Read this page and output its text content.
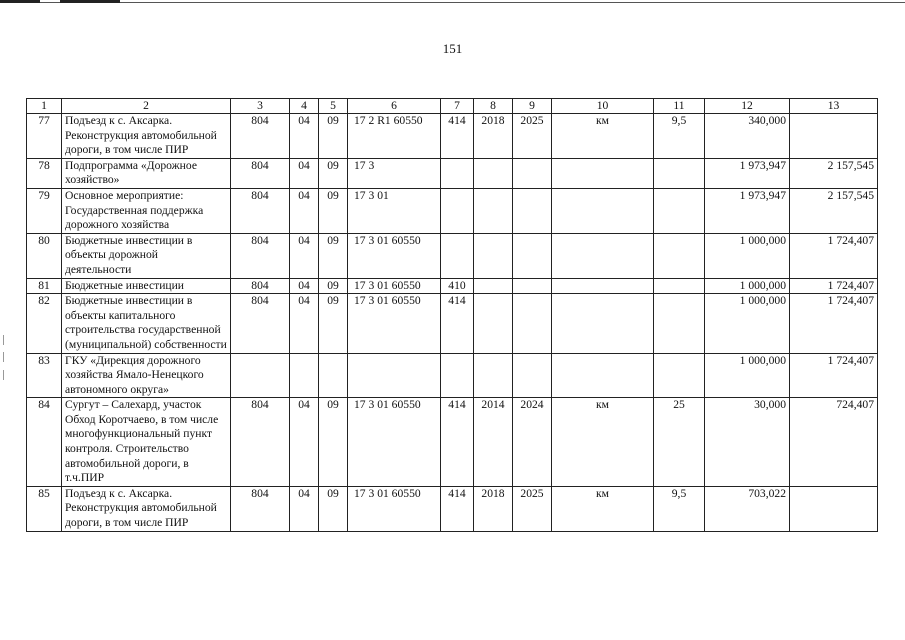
151
1	2	3	4	5	6	7	8	9	10	11	12	13
77	Подъезд к с. Аксарка. Реконструкция автомобильной дороги, в том числе ПИР	804	04	09	17 2 R1 60550	414	2018	2025	км	9,5	340,000	
78	Подпрограмма «Дорожное хозяйство»	804	04	09	17 3						1 973,947	2 157,545
79	Основное мероприятие: Государственная поддержка дорожного хозяйства	804	04	09	17 3 01						1 973,947	2 157,545
80	Бюджетные инвестиции в объекты дорожной деятельности	804	04	09	17 3 01 60550						1 000,000	1 724,407
81	Бюджетные инвестиции	804	04	09	17 3 01 60550	410					1 000,000	1 724,407
82	Бюджетные инвестиции в объекты капитального строительства государственной (муниципальной) собственности	804	04	09	17 3 01 60550	414					1 000,000	1 724,407
83	ГКУ «Дирекция дорожного хозяйства Ямало-Ненецкого автономного округа»										1 000,000	1 724,407
84	Сургут – Салехард, участок Обход Коротчаево, в том числе многофункциональный пункт контроля. Строительство автомобильной дороги, в т.ч.ПИР	804	04	09	17 3 01 60550	414	2014	2024	км	25	30,000	724,407
85	Подъезд к с. Аксарка. Реконструкция автомобильной дороги, в том числе ПИР	804	04	09	17 3 01 60550	414	2018	2025	км	9,5	703,022	
